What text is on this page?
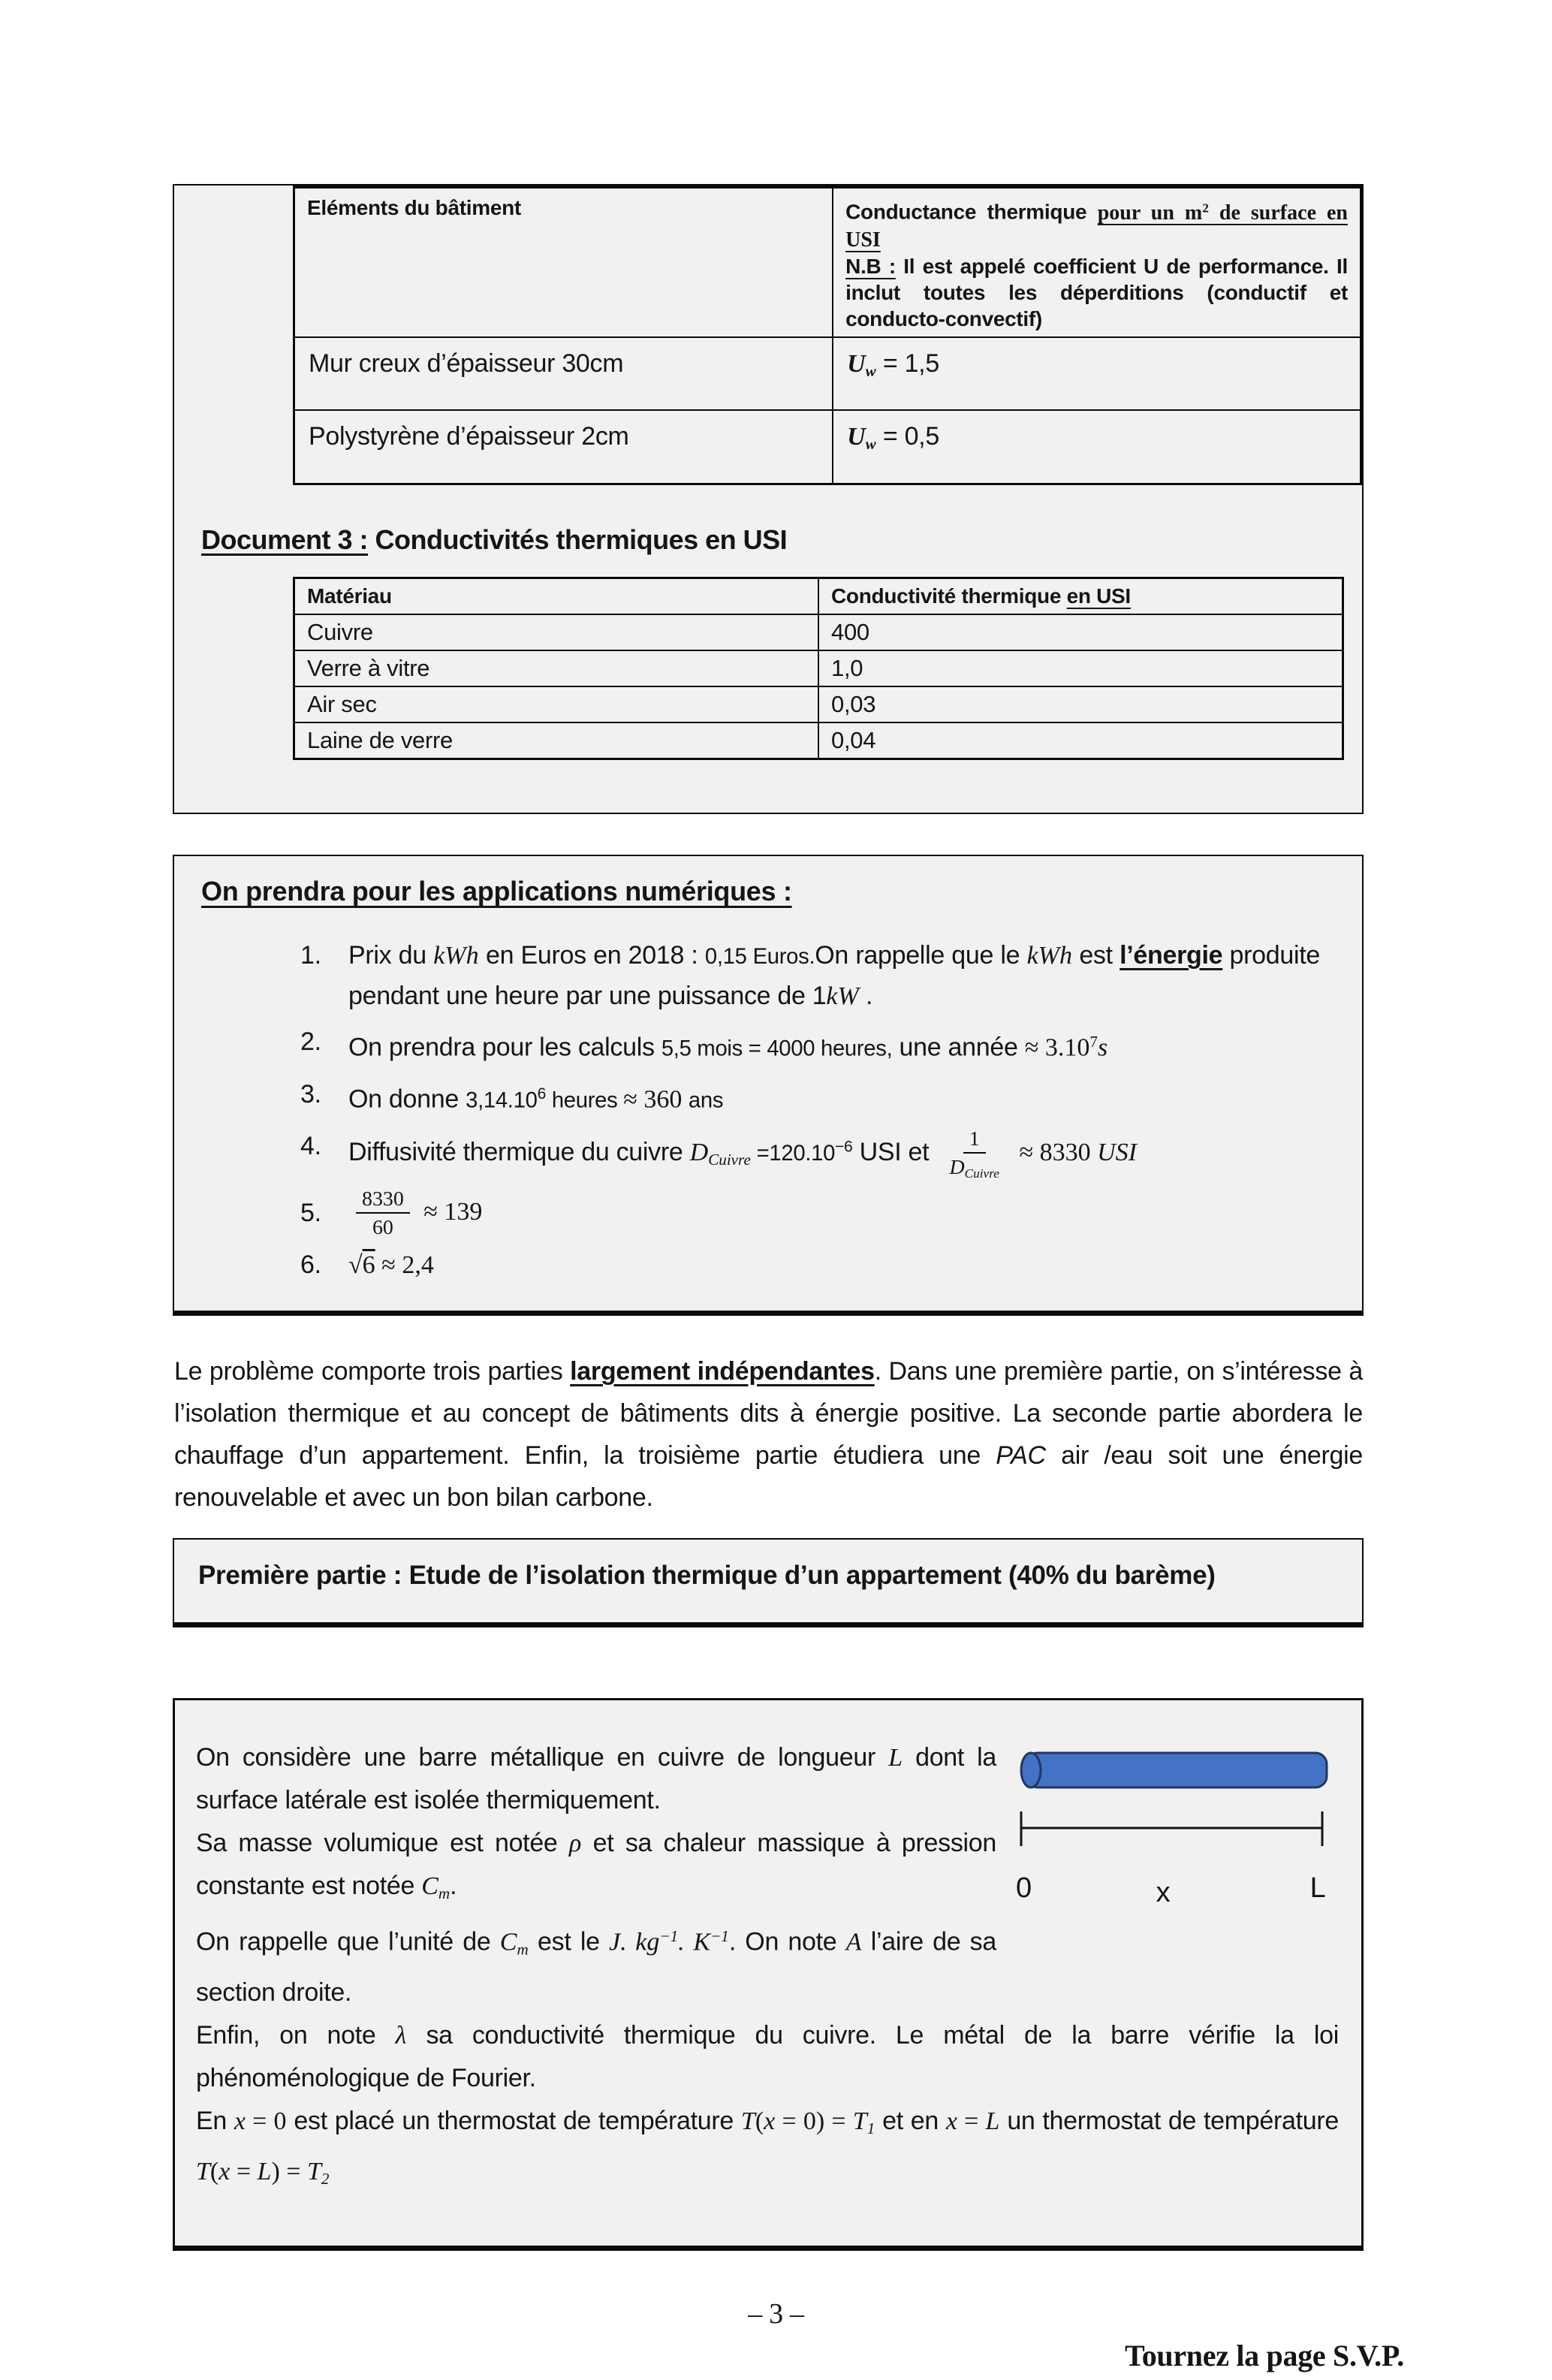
Eléments du bâtiment	Conductance thermique pour un $m^2$ de surface en USI
N.B : Il est appelé coefficient U de performance. Il inclut toutes les déperditions (conductif et conducto-convectif)
Mur creux d’épaisseur 30cm	$U_w = 1,5$
Polystyrène d’épaisseur 2cm	$U_w = 0,5$
Document 3 : Conductivités thermiques en USI
Matériau	Conductivité thermique en USI
Cuivre	400
Verre à vitre	1,0
Air sec	0,03
Laine de verre	0,04
On prendra pour les applications numériques :
1.	Prix du kWh en Euros en 2018 : 0,15 Euros.On rappelle que le kWh est l’énergie produite pendant une heure par une puissance de 1kW .
2.	On prendra pour les calculs 5,5 mois = 4000 heures, une année ≈ $3.10^7s$
3.	On donne 3,14.10$^6$ heures ≈ 360 ans
4.	Diffusivité thermique du cuivre $D_{Cuivre} =120.10^{-6}$ USI et $\frac{1}{D_{Cuivre}} \approx 8330$ USI
5.	$\frac{8330}{60} \approx 139$
6.	√6 ≈ 2,4

Le problème comporte trois parties largement indépendantes. Dans une première partie, on s’intéresse à l’isolation thermique et au concept de bâtiments dits à énergie positive. La seconde partie abordera le chauffage d’un appartement. Enfin, la troisième partie étudiera une PAC air /eau soit une énergie renouvelable et avec un bon bilan carbone.

Première partie : Etude de l’isolation thermique d’un appartement (40% du barème)
0	x	L
On considère une barre métallique en cuivre de longueur L dont la surface latérale est isolée thermiquement.
Sa masse volumique est notée ρ et sa chaleur massique à pression constante est notée $C_m$.
On rappelle que l’unité de $C_m$ est le J. $kg^{-1}$. $K^{-1}$. On note A l’aire de sa section droite.
Enfin, on note λ sa conductivité thermique du cuivre. Le métal de la barre vérifie la loi phénoménologique de Fourier.
En x = 0 est placé un thermostat de température $T(x = 0) = T_1$ et en x = L un thermostat de température $T(x = L) = T_2$
– 3 –
Tournez la page S.V.P.
